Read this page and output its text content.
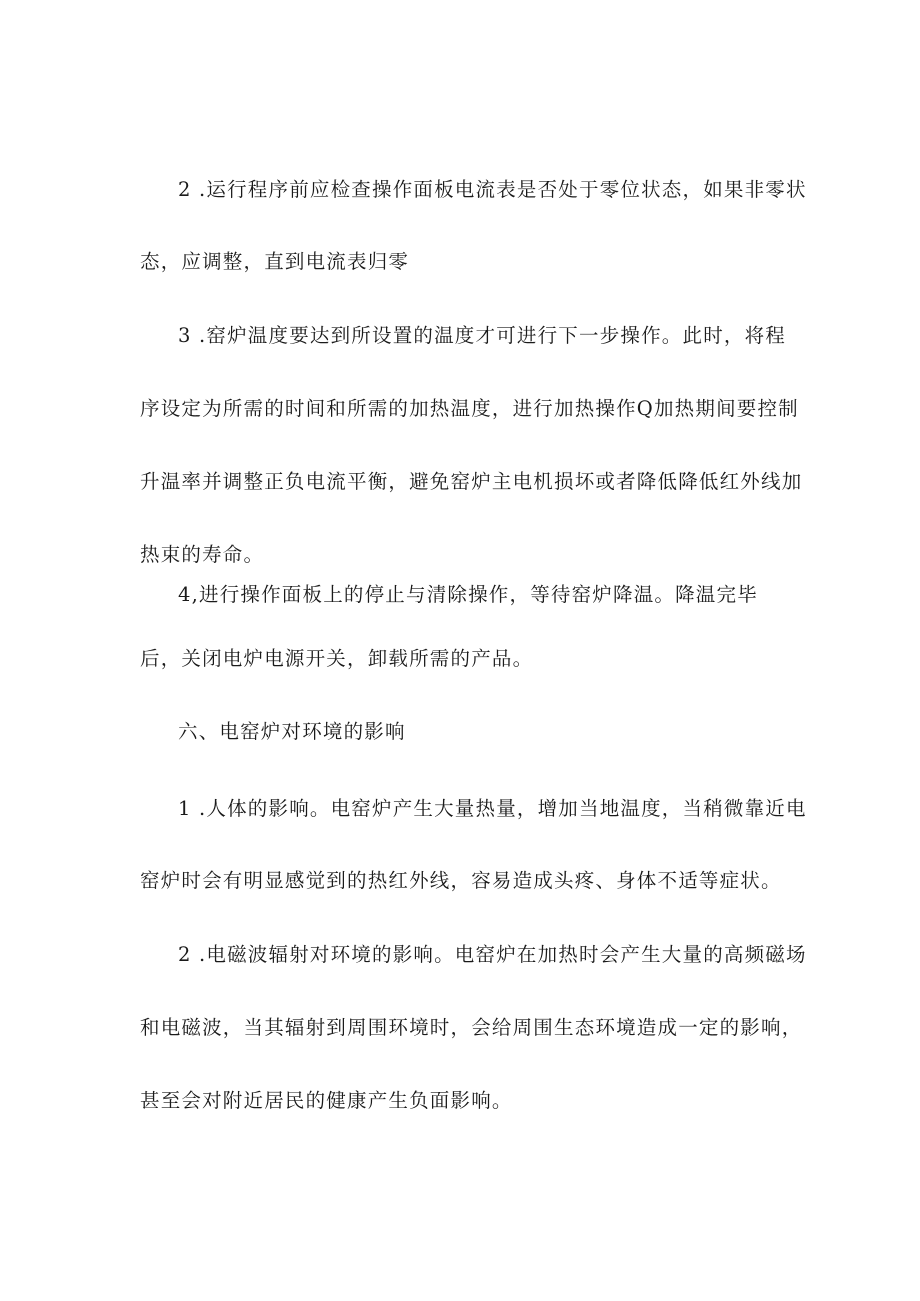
2 .运行程序前应检查操作面板电流表是否处于零位状态，如果非零状
态，应调整，直到电流表归零
3 .窑炉温度要达到所设置的温度才可进行下一步操作。此时，将程
序设定为所需的时间和所需的加热温度，进行加热操作Q加热期间要控制
升温率并调整正负电流平衡，避免窑炉主电机损坏或者降低降低红外线加
热束的寿命。
4,进行操作面板上的停止与清除操作，等待窑炉降温。降温完毕
后，关闭电炉电源开关，卸载所需的产品。
六、电窑炉对环境的影响
1 .人体的影响。电窑炉产生大量热量，增加当地温度，当稍微靠近电
窑炉时会有明显感觉到的热红外线，容易造成头疼、身体不适等症状。
2 .电磁波辐射对环境的影响。电窑炉在加热时会产生大量的高频磁场
和电磁波，当其辐射到周围环境时，会给周围生态环境造成一定的影响，
甚至会对附近居民的健康产生负面影响。
